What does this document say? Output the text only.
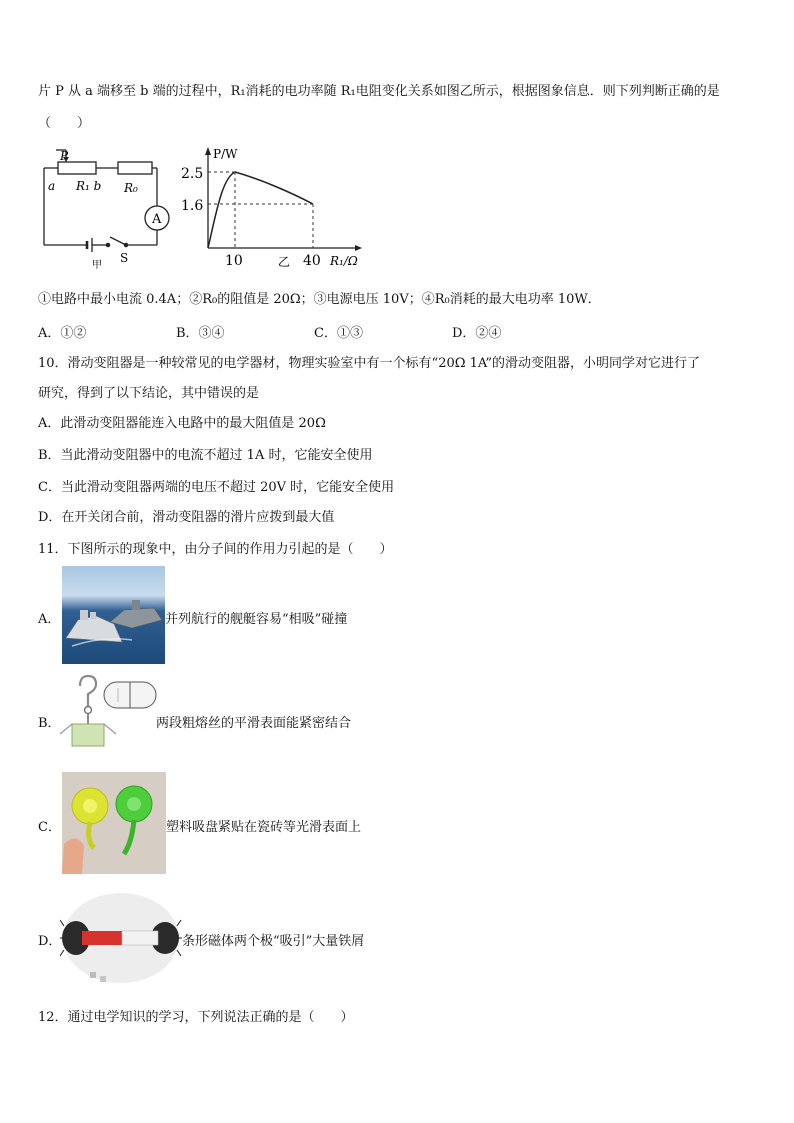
片 P 从 a 端移至 b 端的过程中，R₁消耗的电功率随 R₁电阻变化关系如图乙所示，根据图象信息．则下列判断正确的是
（　　）
P
a R₁ b R₀
A
甲
S
P/W
2.5
1.6
10	40
乙	R₁/Ω
①电路中最小电流 0.4A；②R₀的阻值是 20Ω；③电源电压 10V；④R₀消耗的最大电功率 10W．
A．①②	B．③④	C．①③	D．②④
10．滑动变阻器是一种较常见的电学器材，物理实验室中有一个标有“20Ω 1A”的滑动变阻器，小明同学对它进行了
研究，得到了以下结论，其中错误的是
A．此滑动变阻器能连入电路中的最大阻值是 20Ω
B．当此滑动变阻器中的电流不超过 1A 时，它能安全使用
C．当此滑动变阻器两端的电压不超过 20V 时，它能安全使用
D．在开关闭合前，滑动变阻器的滑片应拨到最大值
11．下图所示的现象中，由分子间的作用力引起的是（　　）
A．	并列航行的舰艇容易“相吸”碰撞
B．	两段粗熔丝的平滑表面能紧密结合
C．	塑料吸盘紧贴在瓷砖等光滑表面上
D．	条形磁体两个极“吸引”大量铁屑
12．通过电学知识的学习，下列说法正确的是（　　）
